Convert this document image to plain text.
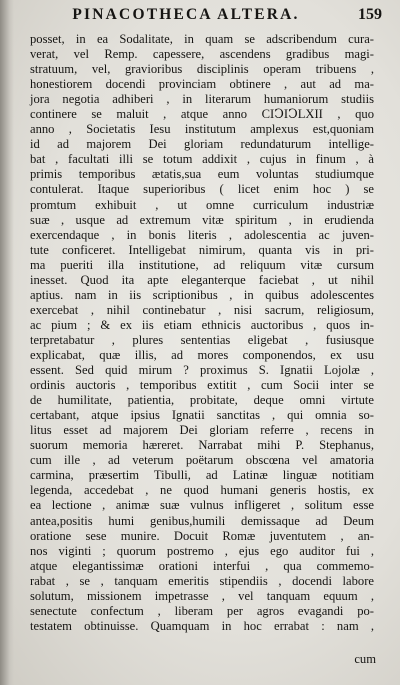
PINACOTHECA ALTERA.	159
posset, in ea Sodalitate, in quam se adscribendum cura-
verat, vel Remp. capessere, ascendens gradibus magi-
stratuum, vel, gravioribus disciplinis operam tribuens ,
honestiorem docendi provinciam obtinere , aut ad ma-
jora negotia adhiberi , in literarum humaniorum studiis
continere se maluit , atque anno CIↃIↃLXII , quo
anno , Societatis Iesu institutum amplexus est,quoniam
id ad majorem Dei gloriam redundaturum intellige-
bat , facultati illi se totum addixit , cujus in finum , à
primis temporibus ætatis,sua eum voluntas studiumque
contulerat. Itaque superioribus ( licet enim hoc ) se
promtum exhibuit , ut omne curriculum industriæ
suæ , usque ad extremum vitæ spiritum , in erudienda
exercendaque , in bonis literis , adolescentia ac juven-
tute conficeret. Intelligebat nimirum, quanta vis in pri-
ma pueriti illa institutione, ad reliquum vitæ cursum
inesset. Quod ita apte eleganterque faciebat , ut nihil
aptius. nam in iis scriptionibus , in quibus adolescentes
exercebat , nihil continebatur , nisi sacrum, religiosum,
ac pium ; & ex iis etiam ethnicis auctoribus , quos in-
terpretabatur , plures sententias eligebat , fusiusque
explicabat, quæ illis, ad mores componendos, ex usu
essent. Sed quid mirum ? proximus S. Ignatii Lojolæ ,
ordinis auctoris , temporibus extitit , cum Socii inter se
de humilitate, patientia, probitate, deque omni virtute
certabant, atque ipsius Ignatii sanctitas , qui omnia so-
litus esset ad majorem Dei gloriam referre , recens in
suorum memoria hæreret. Narrabat mihi P. Stephanus,
cum ille , ad veterum poëtarum obscœna vel amatoria
carmina, præsertim Tibulli, ad Latinæ linguæ notitiam
legenda, accedebat , ne quod humani generis hostis, ex
ea lectione , animæ suæ vulnus infligeret , solitum esse
antea,positis humi genibus,humili demissaque ad Deum
oratione sese munire. Docuit Romæ juventutem , an-
nos viginti ; quorum postremo , ejus ego auditor fui ,
atque elegantissimæ orationi interfui , qua commemo-
rabat , se , tanquam emeritis stipendiis , docendi labore
solutum, missionem impetrasse , vel tanquam equum ,
senectute confectum , liberam per agros evagandi po-
testatem obtinuisse. Quamquam in hoc errabat : nam ,
cum
